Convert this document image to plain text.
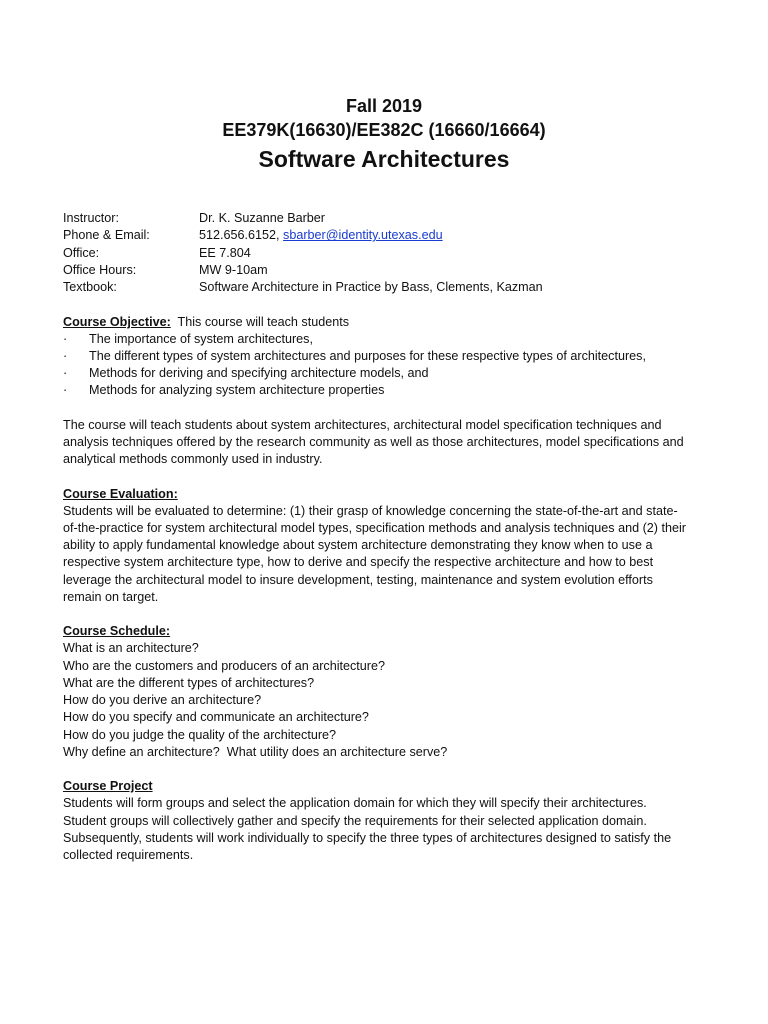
Fall 2019
EE379K(16630)/EE382C (16660/16664)
Software Architectures
Instructor:	Dr. K. Suzanne Barber
Phone & Email:	512.656.6152, sbarber@identity.utexas.edu
Office:	EE 7.804
Office Hours:	MW 9-10am
Textbook:	Software Architecture in Practice by Bass, Clements, Kazman
Course Objective:  This course will teach students
·	The importance of system architectures,
·	The different types of system architectures and purposes for these respective types of architectures,
·	Methods for deriving and specifying architecture models, and
·	Methods for analyzing system architecture properties
The course will teach students about system architectures, architectural model specification techniques and
analysis techniques offered by the research community as well as those architectures, model specifications and
analytical methods commonly used in industry.
Course Evaluation:
Students will be evaluated to determine: (1) their grasp of knowledge concerning the state-of-the-art and state-
of-the-practice for system architectural model types, specification methods and analysis techniques and (2) their
ability to apply fundamental knowledge about system architecture demonstrating they know when to use a
respective system architecture type, how to derive and specify the respective architecture and how to best
leverage the architectural model to insure development, testing, maintenance and system evolution efforts
remain on target.
Course Schedule:
What is an architecture?
Who are the customers and producers of an architecture?
What are the different types of architectures?
How do you derive an architecture?
How do you specify and communicate an architecture?
How do you judge the quality of the architecture?
Why define an architecture?  What utility does an architecture serve?
Course Project
Students will form groups and select the application domain for which they will specify their architectures.
Student groups will collectively gather and specify the requirements for their selected application domain.
Subsequently, students will work individually to specify the three types of architectures designed to satisfy the
collected requirements.
